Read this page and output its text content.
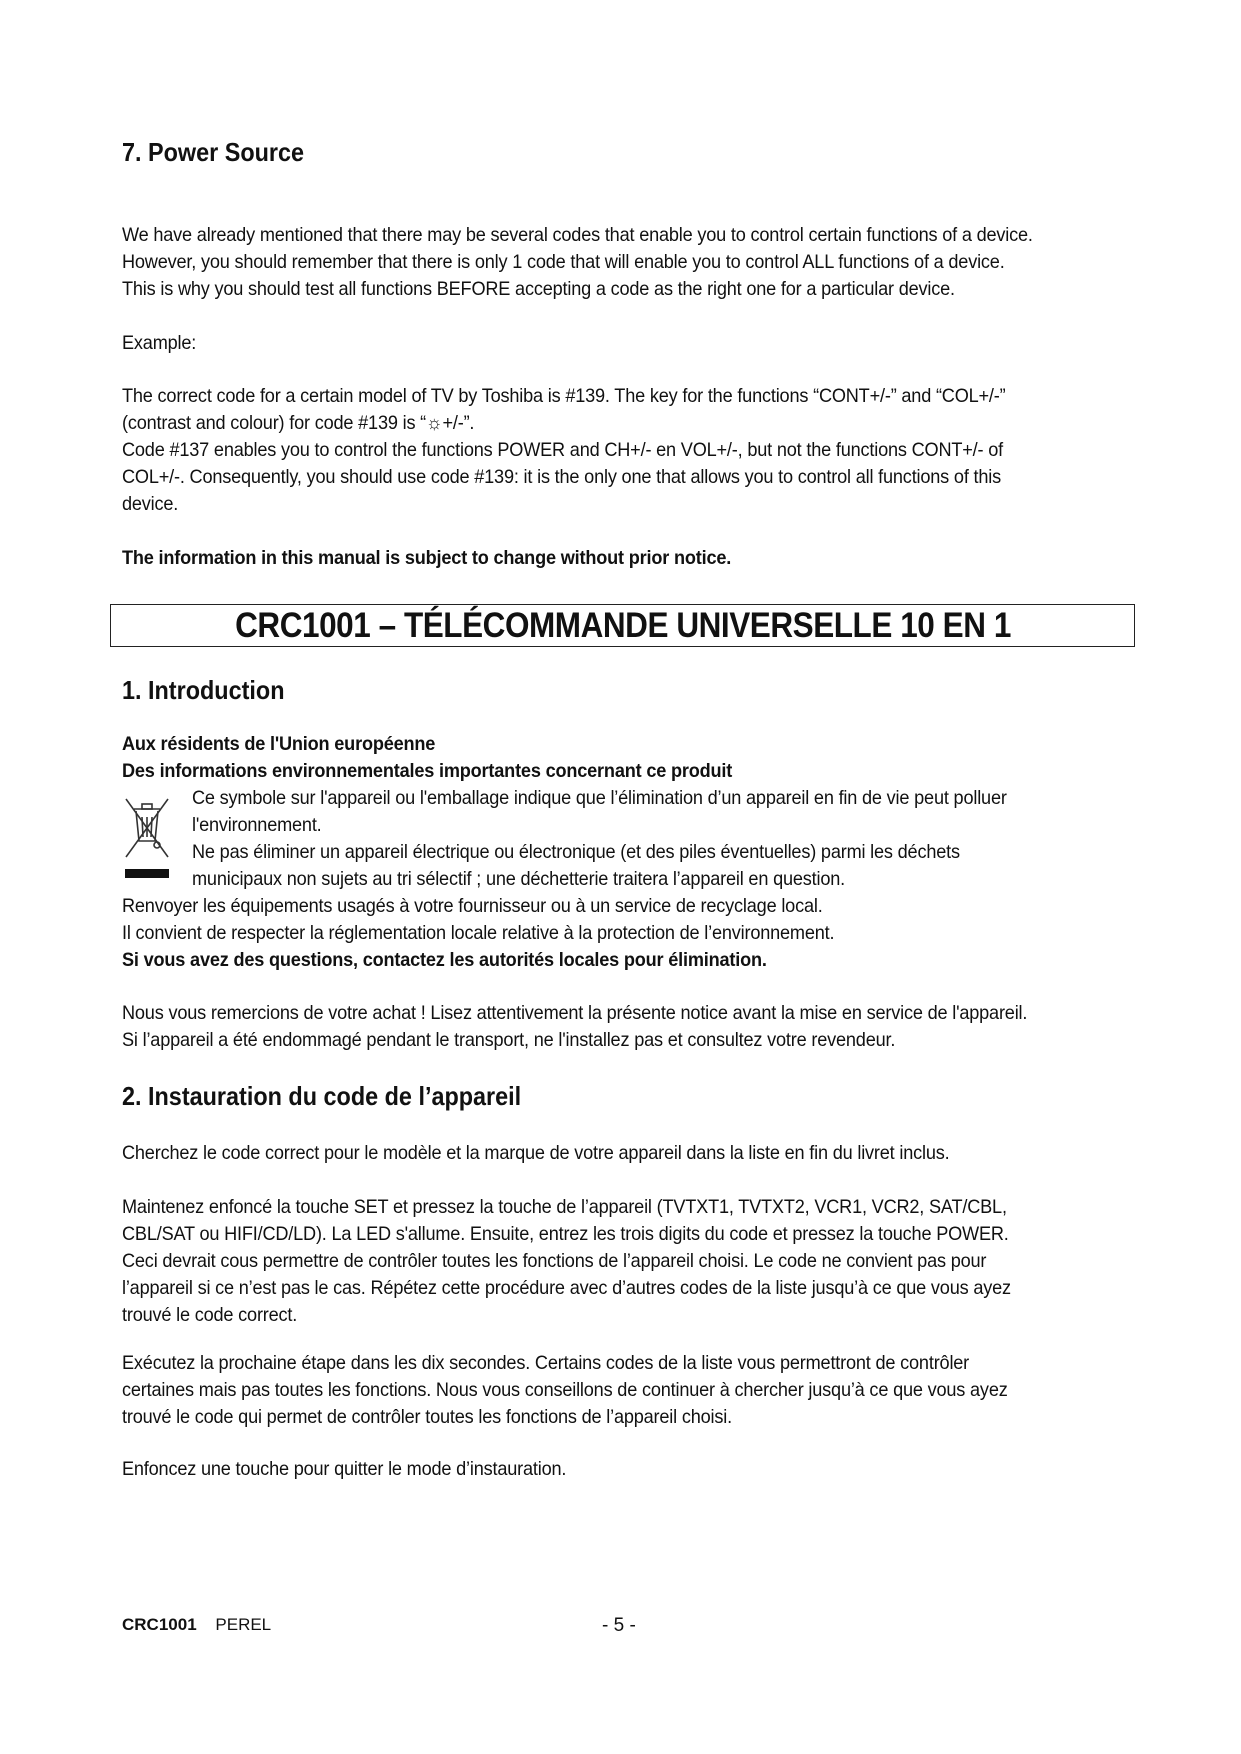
7. Power Source
We have already mentioned that there may be several codes that enable you to control certain functions of a device.
However, you should remember that there is only 1 code that will enable you to control ALL functions of a device.
This is why you should test all functions BEFORE accepting a code as the right one for a particular device.
Example:
The correct code for a certain model of TV by Toshiba is #139. The key for the functions “CONT+/-” and “COL+/-”
(contrast and colour) for code #139 is “☼+/-”.
Code #137 enables you to control the functions POWER and CH+/- en VOL+/-, but not the functions CONT+/- of
COL+/-. Consequently, you should use code #139: it is the only one that allows you to control all functions of this
device.
The information in this manual is subject to change without prior notice.
CRC1001 – TÉLÉCOMMANDE UNIVERSELLE 10 EN 1
1. Introduction
Aux résidents de l'Union européenne
Des informations environnementales importantes concernant ce produit
Ce symbole sur l'appareil ou l'emballage indique que l’élimination d’un appareil en fin de vie peut polluer
l'environnement.
Ne pas éliminer un appareil électrique ou électronique (et des piles éventuelles) parmi les déchets
municipaux non sujets au tri sélectif ; une déchetterie traitera l’appareil en question.
Renvoyer les équipements usagés à votre fournisseur ou à un service de recyclage local.
Il convient de respecter la réglementation locale relative à la protection de l’environnement.
Si vous avez des questions, contactez les autorités locales pour élimination.
Nous vous remercions de votre achat ! Lisez attentivement la présente notice avant la mise en service de l'appareil.
Si l’appareil a été endommagé pendant le transport, ne l'installez pas et consultez votre revendeur.
2. Instauration du code de l’appareil
Cherchez le code correct pour le modèle et la marque de votre appareil dans la liste en fin du livret inclus.
Maintenez enfoncé la touche SET et pressez la touche de l’appareil (TVTXT1, TVTXT2, VCR1, VCR2, SAT/CBL,
CBL/SAT ou HIFI/CD/LD). La LED s'allume. Ensuite, entrez les trois digits du code et pressez la touche POWER.
Ceci devrait cous permettre de contrôler toutes les fonctions de l’appareil choisi. Le code ne convient pas pour
l’appareil si ce n’est pas le cas. Répétez cette procédure avec d’autres codes de la liste jusqu’à ce que vous ayez
trouvé le code correct.
Exécutez la prochaine étape dans les dix secondes. Certains codes de la liste vous permettront de contrôler
certaines mais pas toutes les fonctions. Nous vous conseillons de continuer à chercher jusqu’à ce que vous ayez
trouvé le code qui permet de contrôler toutes les fonctions de l’appareil choisi.
Enfoncez une touche pour quitter le mode d’instauration.
CRC1001 PEREL	- 5 -
